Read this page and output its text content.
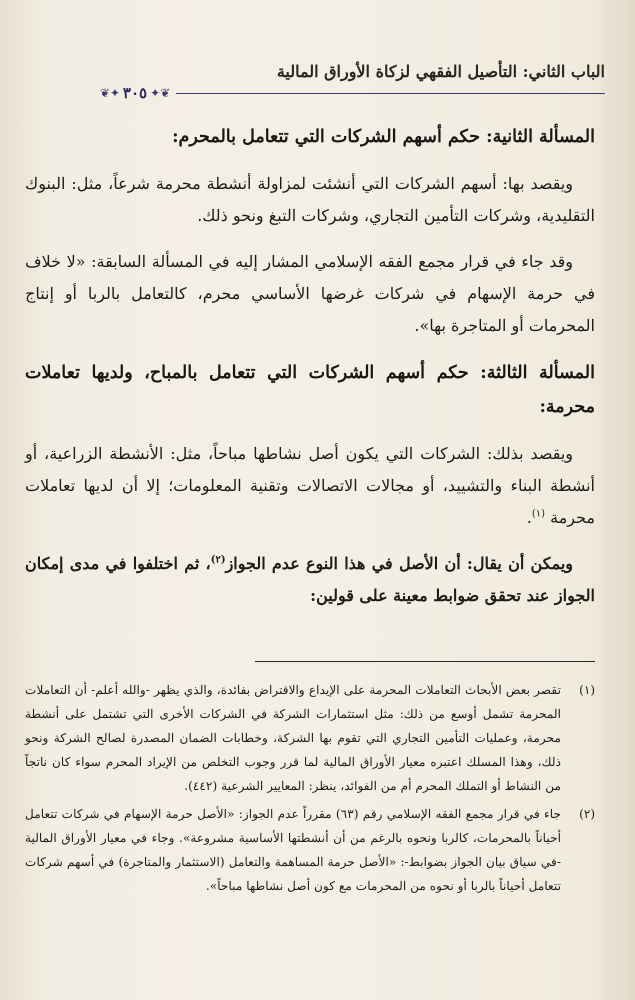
الباب الثاني: التأصيل الفقهي لزكاة الأوراق المالية
❦✦
٣٠٥
✦❦
المسألة الثانية: حكم أسهم الشركات التي تتعامل بالمحرم:

ويقصد بها: أسهم الشركات التي أنشئت لمزاولة أنشطة محرمة شرعاً، مثل: البنوك التقليدية، وشركات التأمين التجاري، وشركات التبغ ونحو ذلك.

وقد جاء في قرار مجمع الفقه الإسلامي المشار إليه في المسألة السابقة: «لا خلاف في حرمة الإسهام في شركات غرضها الأساسي محرم، كالتعامل بالربا أو إنتاج المحرمات أو المتاجرة بها».

المسألة الثالثة: حكم أسهم الشركات التي تتعامل بالمباح، ولديها تعاملات محرمة:

ويقصد بذلك: الشركات التي يكون أصل نشاطها مباحاً، مثل: الأنشطة الزراعية، أو أنشطة البناء والتشييد، أو مجالات الاتصالات وتقنية المعلومات؛ إلا أن لديها تعاملات محرمة $^{(١)}$.

ويمكن أن يقال: أن الأصل في هذا النوع عدم الجواز$^{(٢)}$، ثم اختلفوا في مدى إمكان الجواز عند تحقق ضوابط معينة على قولين:

(١)
تقصر بعض الأبحاث التعاملات المحرمة على الإيداع والاقتراض بفائدة، والذي يظهر -والله أعلم- أن التعاملات المحرمة تشمل أوسع من ذلك: مثل استثمارات الشركة في الشركات الأخرى التي تشتمل على أنشطة محرمة، وعمليات التأمين التجاري التي تقوم بها الشركة، وخطابات الضمان المصدرة لصالح الشركة ونحو ذلك، وهذا المسلك اعتبره معيار الأوراق المالية لما قرر وجوب التخلص من الإيراد المحرم سواء كان ناتجاً من النشاط أو التملك المحرم أم من الفوائد، ينظر: المعايير الشرعية (٤٤٢).
(٢)
جاء في قرار مجمع الفقه الإسلامي رقم (٦٣) مقرراً عدم الجواز: «الأصل حرمة الإسهام في شركات تتعامل أحياناً بالمحرمات، كالربا ونحوه بالرغم من أن أنشطتها الأساسية مشروعة». وجاء في معيار الأوراق المالية -في سياق بيان الجواز بضوابط-: «الأصل حرمة المساهمة والتعامل (الاستثمار والمتاجرة) في أسهم شركات تتعامل أحياناً بالربا أو نحوه من المحرمات مع كون أصل نشاطها مباحاً».
